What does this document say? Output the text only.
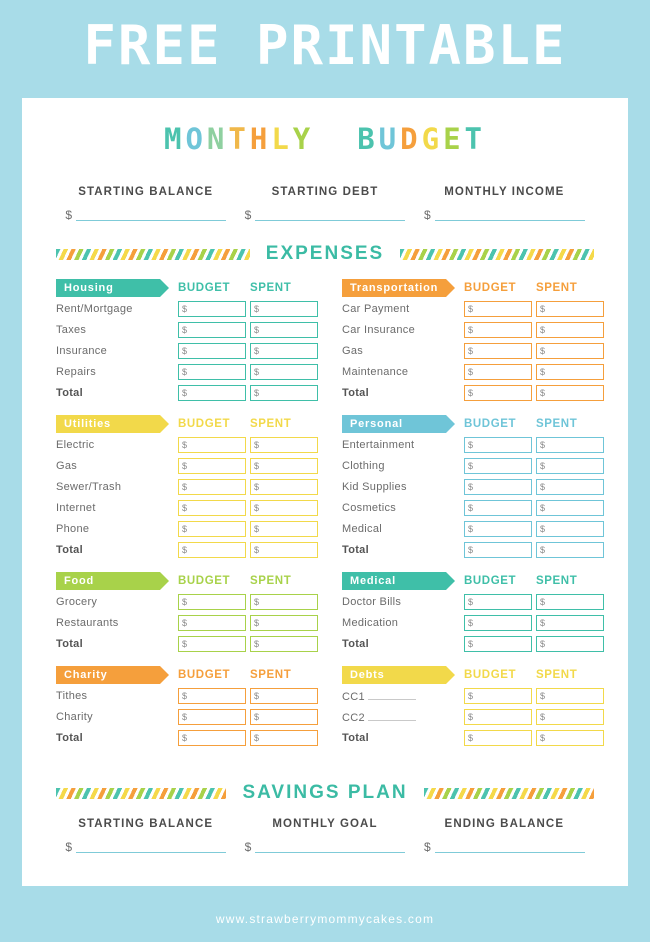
FREE PRINTABLE
MONTHLY BUDGET
STARTING BALANCE
$
STARTING DEBT
$
MONTHLY INCOME
$
EXPENSES
Housing	BUDGET	SPENT
Rent/Mortgage	$	$
Taxes	$	$
Insurance	$	$
Repairs	$	$
Total	$	$
Utilities	BUDGET	SPENT
Electric	$	$
Gas	$	$
Sewer/Trash	$	$
Internet	$	$
Phone	$	$
Total	$	$
Food	BUDGET	SPENT
Grocery	$	$
Restaurants	$	$
Total	$	$
Charity	BUDGET	SPENT
Tithes	$	$
Charity	$	$
Total	$	$
Transportation	BUDGET	SPENT
Car Payment	$	$
Car Insurance	$	$
Gas	$	$
Maintenance	$	$
Total	$	$
Personal	BUDGET	SPENT
Entertainment	$	$
Clothing	$	$
Kid Supplies	$	$
Cosmetics	$	$
Medical	$	$
Total	$	$
Medical	BUDGET	SPENT
Doctor Bills	$	$
Medication	$	$
Total	$	$
Debts	BUDGET	SPENT
CC1	$	$
CC2	$	$
Total	$	$
SAVINGS PLAN
STARTING BALANCE
$
MONTHLY GOAL
$
ENDING BALANCE
$
www.strawberrymommycakes.com
